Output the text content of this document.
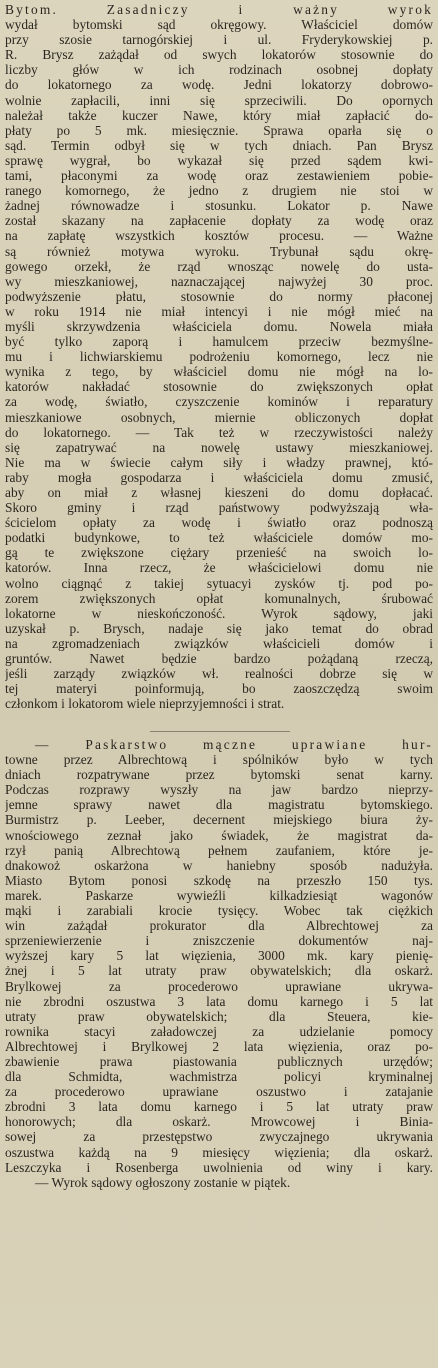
Bytom. Zasadniczy i ważny wyrok
wydał bytomski sąd okręgowy. Właściciel domów
przy szosie tarnogórskiej i ul. Fryderykowskiej p.
R. Brysz zażądał od swych lokatorów stosownie do
liczby głów w ich rodzinach osobnej dopłaty
do lokatornego za wodę. Jedni lokatorzy dobrowo-
wolnie zapłacili, inni się sprzeciwili. Do opornych
należał także kuczer Nawe, który miał zapłacić do-
płaty po 5 mk. miesięcznie. Sprawa oparła się o
sąd. Termin odbył się w tych dniach. Pan Brysz
sprawę wygrał, bo wykazał się przed sądem kwi-
tami, płaconymi za wodę oraz zestawieniem pobie-
ranego komornego, że jedno z drugiem nie stoi w
żadnej równowadze i stosunku. Lokator p. Nawe
został skazany na zapłacenie dopłaty za wodę oraz
na zapłatę wszystkich kosztów procesu. — Ważne
są również motywa wyroku. Trybunał sądu okrę-
gowego orzekł, że rząd wnosząc nowelę do usta-
wy mieszkaniowej, naznaczającej najwyżej 30 proc.
podwyższenie płatu, stosownie do normy płaconej
w roku 1914 nie miał intencyi i nie mógł mieć na
myśli skrzywdzenia właściciela domu. Nowela miała
być tylko zaporą i hamulcem przeciw bezmyślne-
mu i lichwiarskiemu podrożeniu komornego, lecz nie
wynika z tego, by właściciel domu nie mógł na lo-
katorów nakładać stosownie do zwiększonych opłat
za wodę, światło, czyszczenie kominów i reparatury
mieszkaniowe osobnych, miernie obliczonych dopłat
do lokatornego. — Tak też w rzeczywistości należy
się zapatrywać na nowelę ustawy mieszkaniowej.
Nie ma w świecie całym siły i władzy prawnej, któ-
raby mogła gospodarza i właściciela domu zmusić,
aby on miał z własnej kieszeni do domu dopłacać.
Skoro gminy i rząd państwowy podwyższają wła-
ścicielom opłaty za wodę i światło oraz podnoszą
podatki budynkowe, to też właściciele domów mo-
gą te zwiększone ciężary przenieść na swoich lo-
katorów. Inna rzecz, że właścicielowi domu nie
wolno ciągnąć z takiej sytuacyi zysków tj. pod po-
zorem zwiększonych opłat komunalnych, śrubować
lokatorne w nieskończoność. Wyrok sądowy, jaki
uzyskał p. Brysch, nadaje się jako temat do obrad
na zgromadzeniach związków właścicieli domów i
gruntów. Nawet będzie bardzo pożądaną rzeczą,
jeśli zarządy związków wł. realności dobrze się w
tej materyi poinformują, bo zaoszczędzą swoim
członkom i lokatorom wiele nieprzyjemności i strat.
— Paskarstwo mączne uprawiane hur-
towne przez Albrechtową i spólników było w tych
dniach rozpatrywane przez bytomski senat karny.
Podczas rozprawy wyszły na jaw bardzo nieprzy-
jemne sprawy nawet dla magistratu bytomskiego.
Burmistrz p. Leeber, decernent miejskiego biura ży-
wnościowego zeznał jako świadek, że magistrat da-
rzył panią Albrechtową pełnem zaufaniem, które je-
dnakowoż oskarżona w haniebny sposób nadużyła.
Miasto Bytom ponosi szkodę na przeszło 150 tys.
marek. Paskarze wywieźli kilkadziesiąt wagonów
mąki i zarabiali krocie tysięcy. Wobec tak ciężkich
win zażądał prokurator dla Albrechtowej za
sprzeniewierzenie i zniszczenie dokumentów naj-
wyższej kary 5 lat więzienia, 3000 mk. kary pienię-
żnej i 5 lat utraty praw obywatelskich; dla oskarż.
Brylkowej za procederowo uprawiane ukrywa-
nie zbrodni oszustwa 3 lata domu karnego i 5 lat
utraty praw obywatelskich; dla Steuera, kie-
rownika stacyi załadowczej za udzielanie pomocy
Albrechtowej i Brylkowej 2 lata więzienia, oraz po-
zbawienie prawa piastowania publicznych urzędów;
dla Schmidta, wachmistrza policyi kryminalnej
za procederowo uprawiane oszustwo i zatajanie
zbrodni 3 lata domu karnego i 5 lat utraty praw
honorowych; dla oskarż. Mrowcowej i Binia-
sowej za przestępstwo zwyczajnego ukrywania
oszustwa każdą na 9 miesięcy więzienia; dla oskarż.
Leszczyka i Rosenberga uwolnienia od winy i kary.
— Wyrok sądowy ogłoszony zostanie w piątek.
